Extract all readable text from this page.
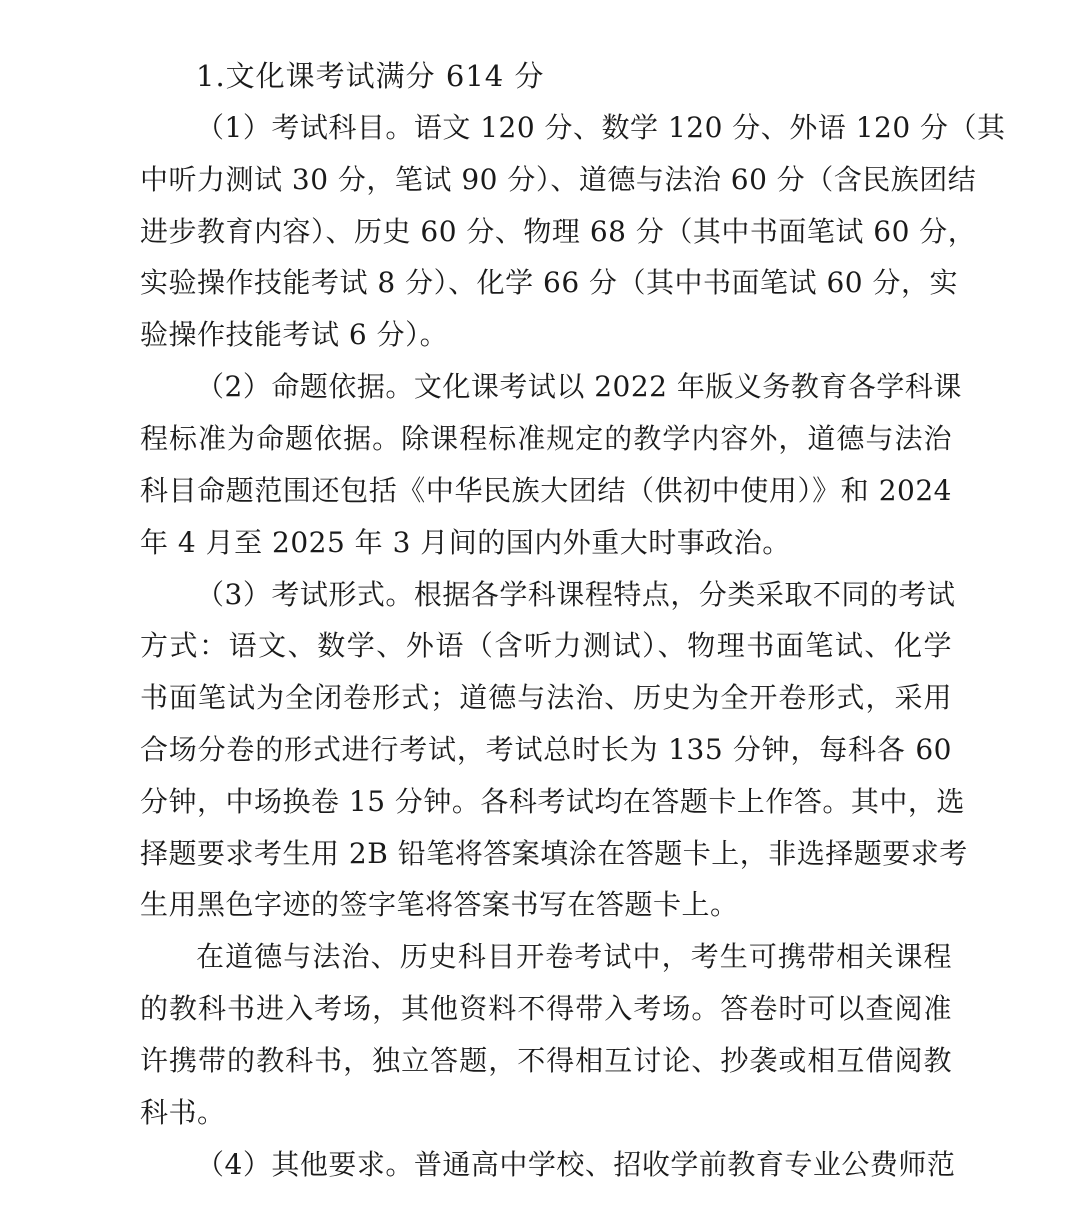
1.文化课考试满分 614 分
（1）考试科目。语文 120 分、数学 120 分、外语 120 分（其
中听力测试 30 分，笔试 90 分）、道德与法治 60 分（含民族团结
进步教育内容）、历史 60 分、物理 68 分（其中书面笔试 60 分，
实验操作技能考试 8 分）、化学 66 分（其中书面笔试 60 分，实
验操作技能考试 6 分）。
（2）命题依据。文化课考试以 2022 年版义务教育各学科课
程标准为命题依据。除课程标准规定的教学内容外，道德与法治
科目命题范围还包括《中华民族大团结（供初中使用）》和 2024
年 4 月至 2025 年 3 月间的国内外重大时事政治。
（3）考试形式。根据各学科课程特点，分类采取不同的考试
方式：语文、数学、外语（含听力测试）、物理书面笔试、化学
书面笔试为全闭卷形式；道德与法治、历史为全开卷形式，采用
合场分卷的形式进行考试，考试总时长为 135 分钟，每科各 60
分钟，中场换卷 15 分钟。各科考试均在答题卡上作答。其中，选
择题要求考生用 2B 铅笔将答案填涂在答题卡上，非选择题要求考
生用黑色字迹的签字笔将答案书写在答题卡上。
在道德与法治、历史科目开卷考试中，考生可携带相关课程
的教科书进入考场，其他资料不得带入考场。答卷时可以查阅准
许携带的教科书，独立答题，不得相互讨论、抄袭或相互借阅教
科书。
（4）其他要求。普通高中学校、招收学前教育专业公费师范
